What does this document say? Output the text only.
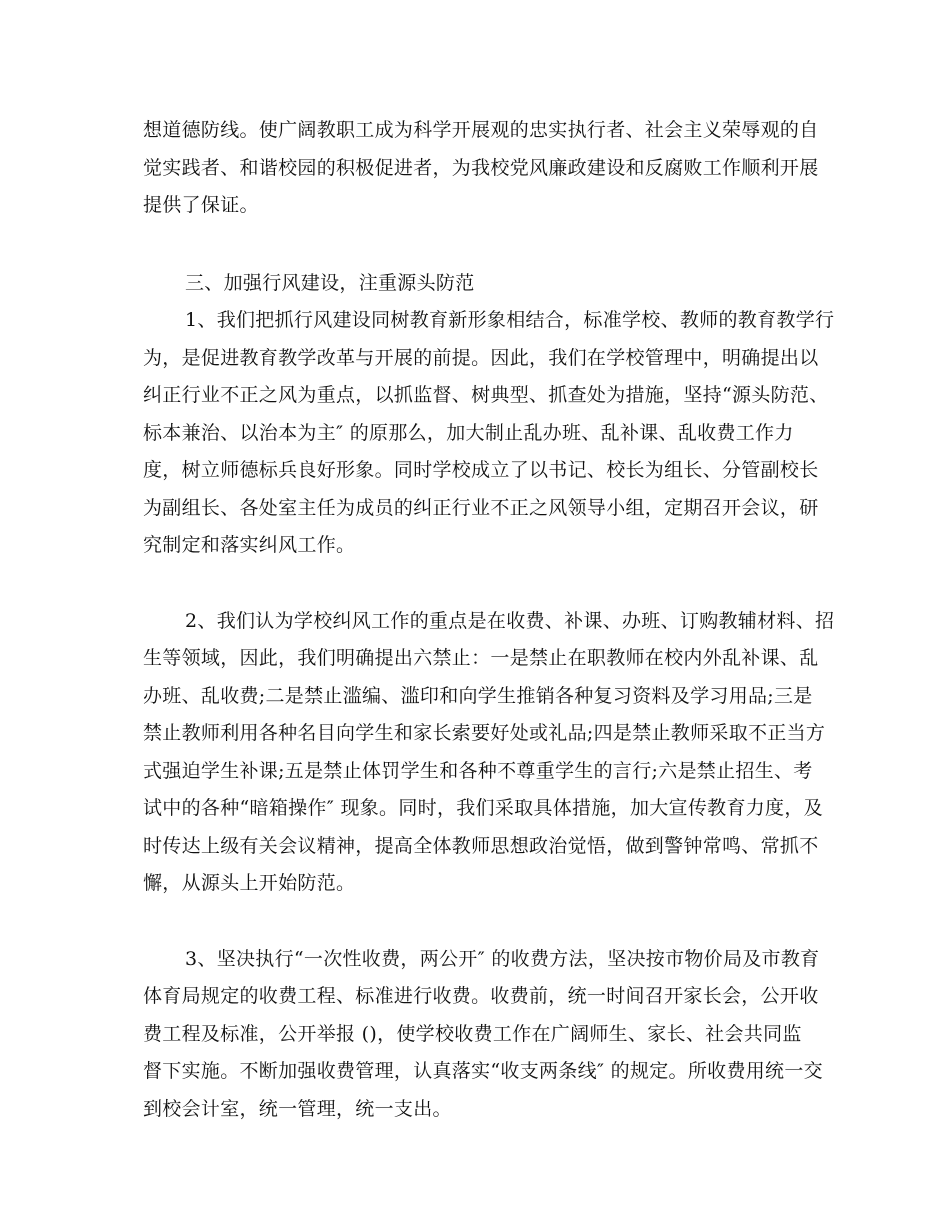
想道德防线。使广阔教职工成为科学开展观的忠实执行者、社会主义荣辱观的自
觉实践者、和谐校园的积极促进者，为我校党风廉政建设和反腐败工作顺利开展
提供了保证。
三、加强行风建设，注重源头防范
1、我们把抓行风建设同树教育新形象相结合，标准学校、教师的教育教学行
为，是促进教育教学改革与开展的前提。因此，我们在学校管理中，明确提出以
纠正行业不正之风为重点，以抓监督、树典型、抓查处为措施，坚持“源头防范、
标本兼治、以治本为主″ 的原那么，加大制止乱办班、乱补课、乱收费工作力
度，树立师德标兵良好形象。同时学校成立了以书记、校长为组长、分管副校长
为副组长、各处室主任为成员的纠正行业不正之风领导小组，定期召开会议，研
究制定和落实纠风工作。
2、我们认为学校纠风工作的重点是在收费、补课、办班、订购教辅材料、招
生等领域，因此，我们明确提出六禁止：一是禁止在职教师在校内外乱补课、乱
办班、乱收费;二是禁止滥编、滥印和向学生推销各种复习资料及学习用品;三是
禁止教师利用各种名目向学生和家长索要好处或礼品;四是禁止教师采取不正当方
式强迫学生补课;五是禁止体罚学生和各种不尊重学生的言行;六是禁止招生、考
试中的各种“暗箱操作″ 现象。同时，我们采取具体措施，加大宣传教育力度，及
时传达上级有关会议精神，提高全体教师思想政治觉悟，做到警钟常鸣、常抓不
懈，从源头上开始防范。
3、坚决执行“一次性收费，两公开″ 的收费方法，坚决按市物价局及市教育
体育局规定的收费工程、标准进行收费。收费前，统一时间召开家长会，公开收
费工程及标准，公开举报 ()，使学校收费工作在广阔师生、家长、社会共同监
督下实施。不断加强收费管理，认真落实“收支两条线″ 的规定。所收费用统一交
到校会计室，统一管理，统一支出。
